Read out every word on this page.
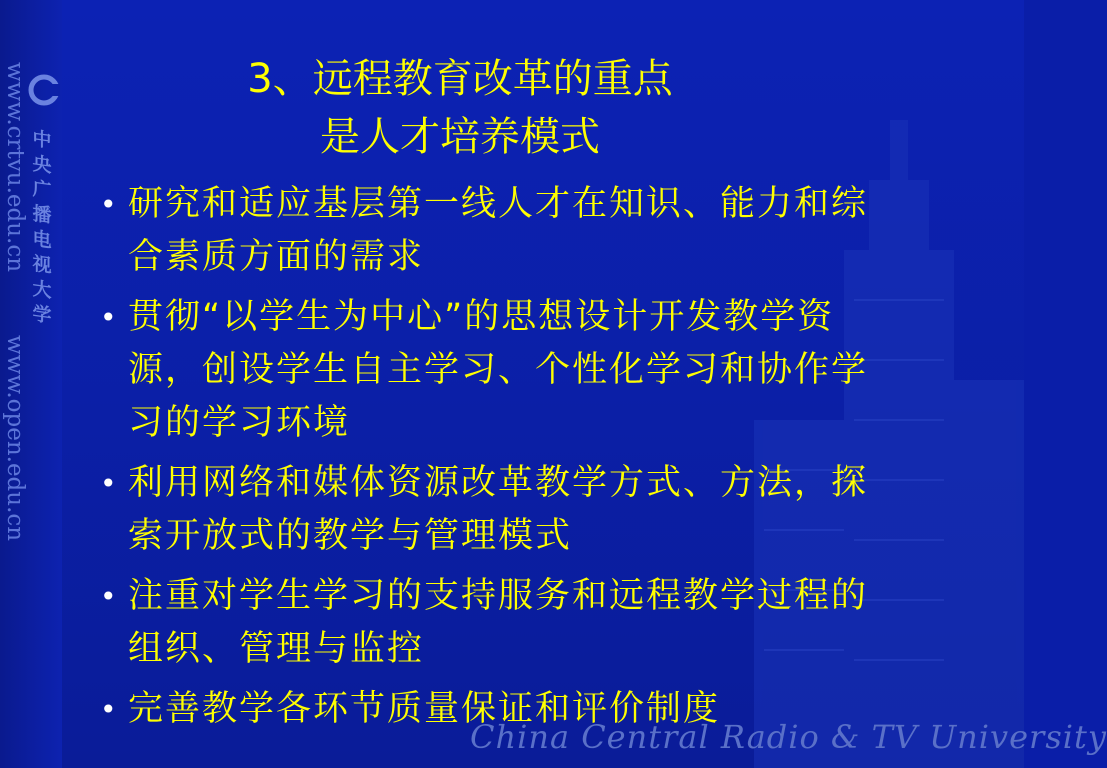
www.crtvu.edu.cn 中央广播电视大学
www.open.edu.cn
3、远程教育改革的重点
是人才培养模式
• 研究和适应基层第一线人才在知识、能力和综合素质方面的需求
• 贯彻“以学生为中心”的思想设计开发教学资源，创设学生自主学习、个性化学习和协作学习的学习环境
• 利用网络和媒体资源改革教学方式、方法，探索开放式的教学与管理模式
• 注重对学生学习的支持服务和远程教学过程的组织、管理与监控
• 完善教学各环节质量保证和评价制度
China Central Radio & TV University
